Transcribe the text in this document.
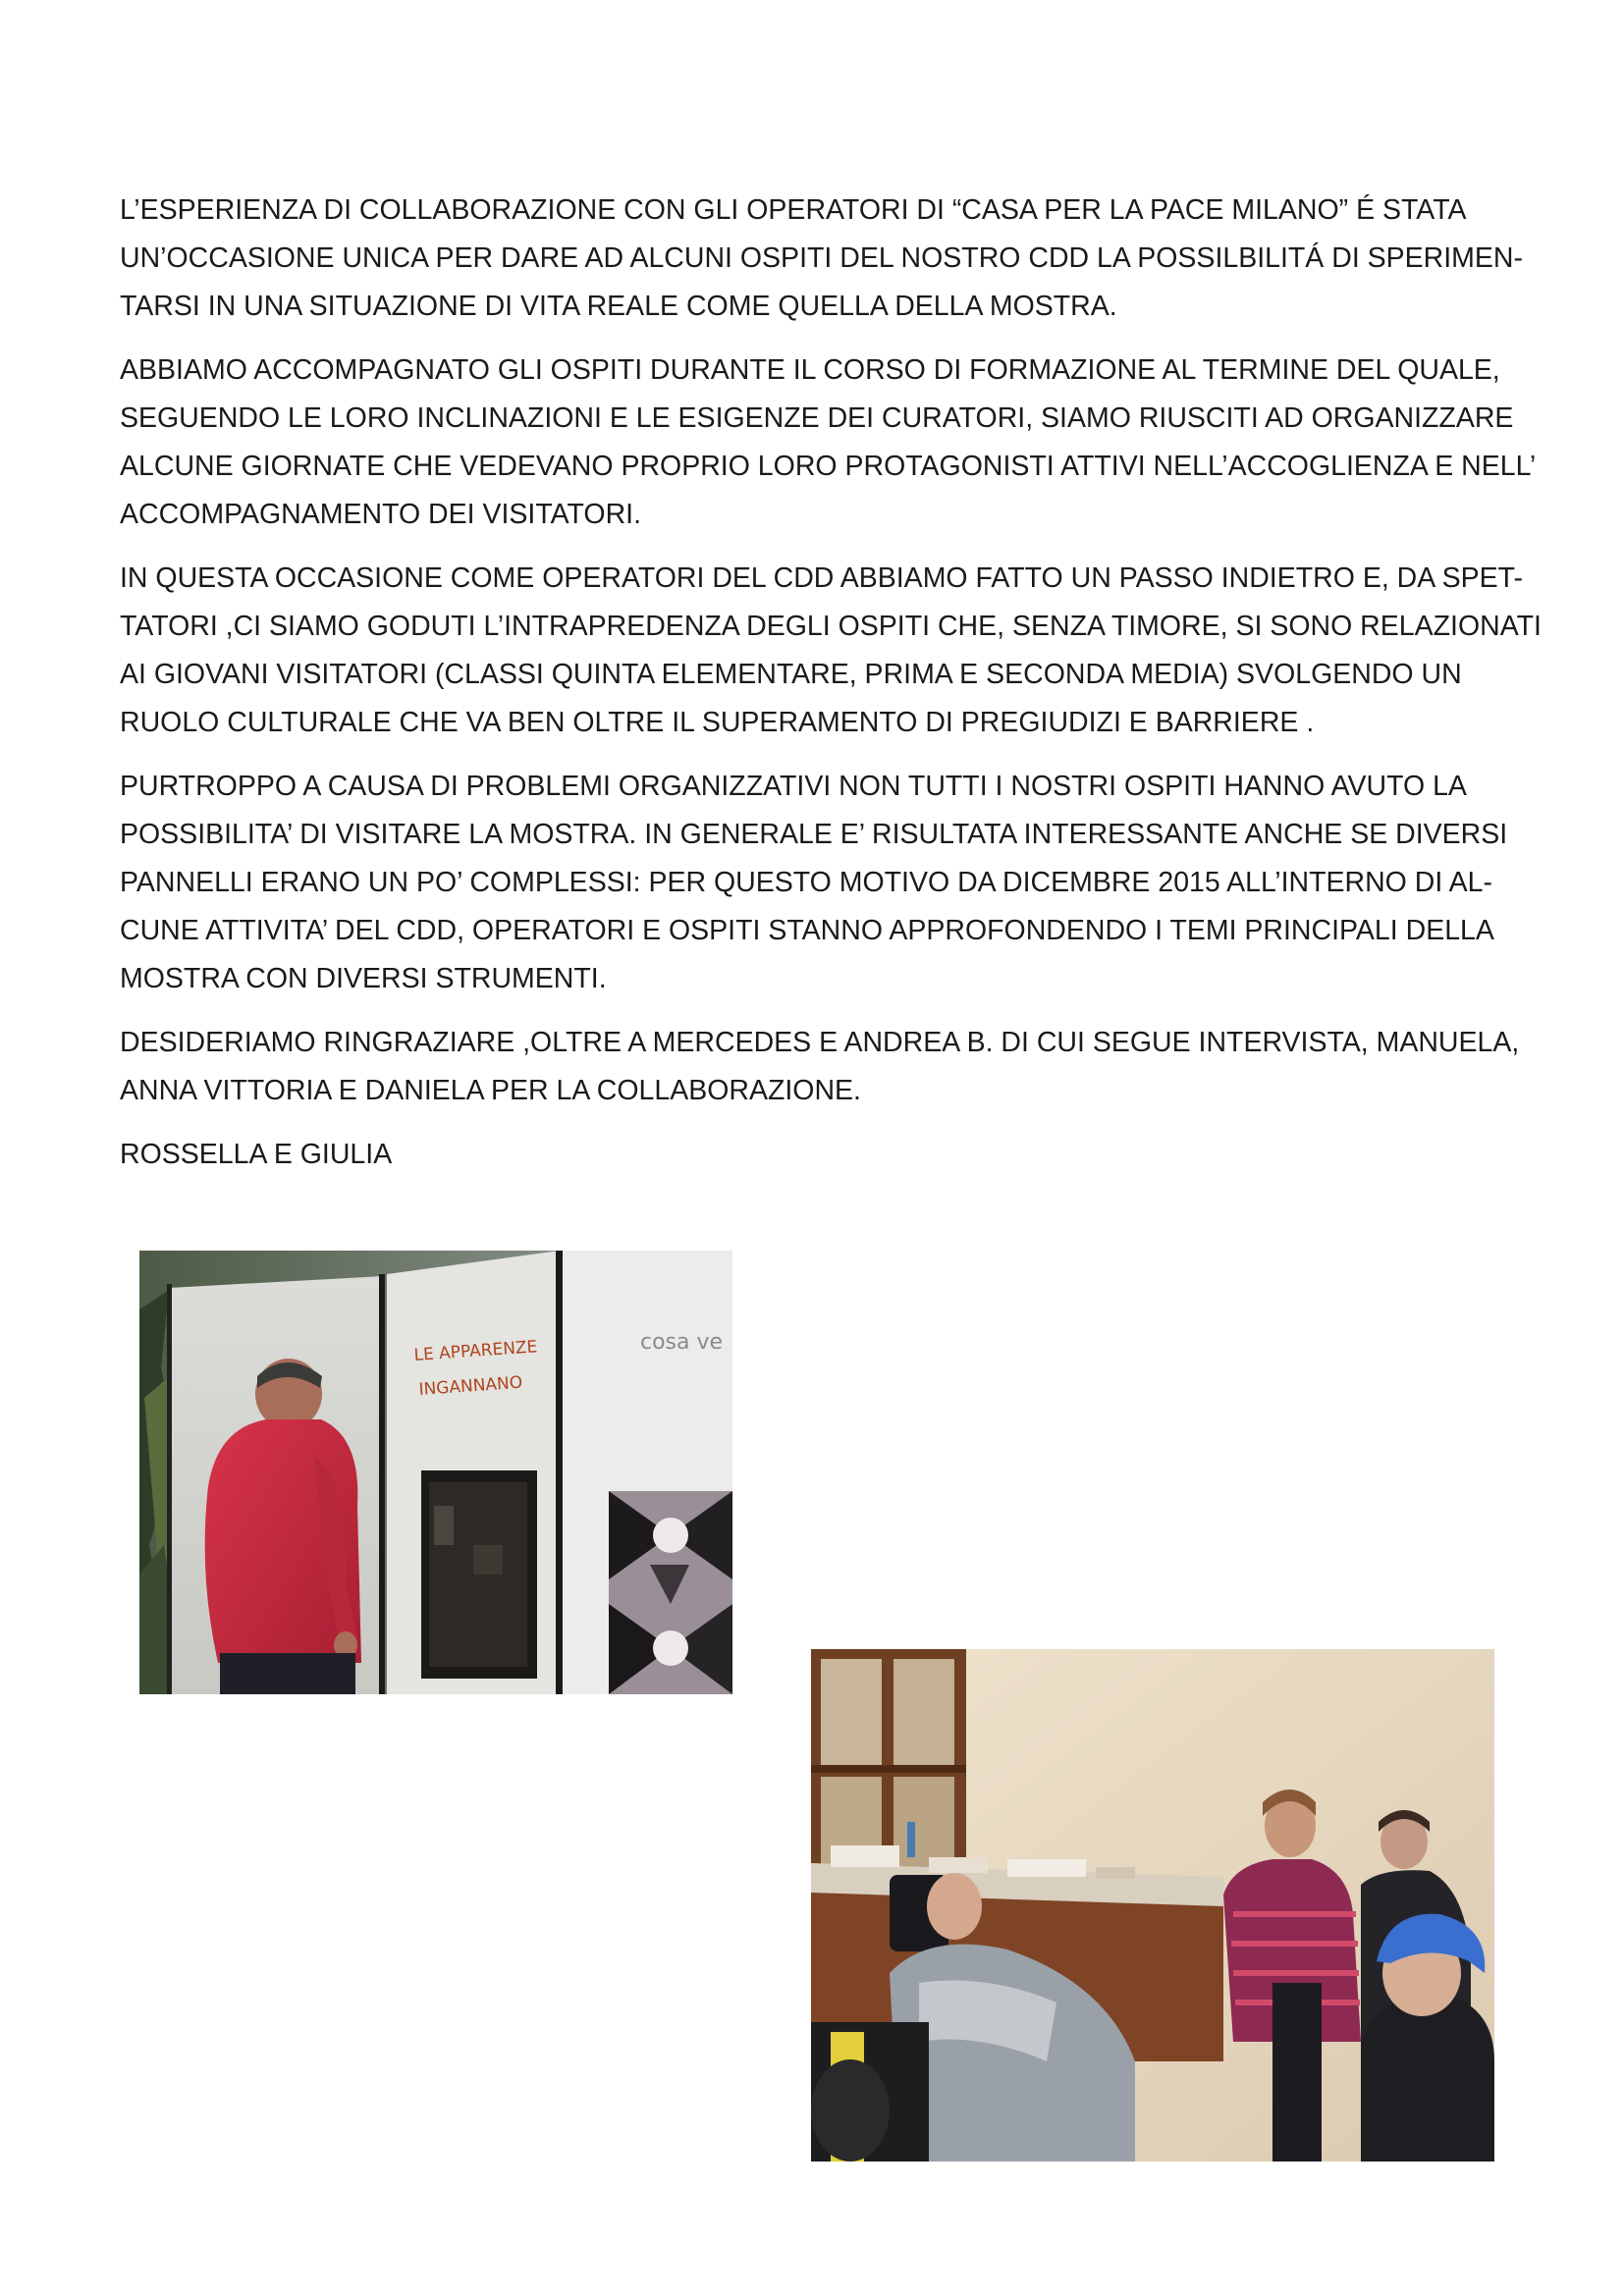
L’ESPERIENZA DI COLLABORAZIONE CON GLI OPERATORI DI “CASA PER LA PACE MILANO” É STATA
UN’OCCASIONE UNICA PER DARE AD ALCUNI OSPITI DEL NOSTRO CDD LA POSSILBILITÁ DI SPERIMEN-
TARSI IN UNA SITUAZIONE DI VITA REALE COME QUELLA DELLA MOSTRA.

ABBIAMO ACCOMPAGNATO GLI OSPITI DURANTE IL CORSO DI FORMAZIONE AL TERMINE DEL QUALE,
SEGUENDO LE LORO INCLINAZIONI E LE ESIGENZE DEI CURATORI, SIAMO RIUSCITI AD ORGANIZZARE
ALCUNE GIORNATE CHE VEDEVANO PROPRIO LORO PROTAGONISTI ATTIVI NELL’ACCOGLIENZA E NELL’
ACCOMPAGNAMENTO DEI VISITATORI.

IN QUESTA OCCASIONE COME OPERATORI DEL CDD ABBIAMO FATTO UN PASSO INDIETRO E, DA SPET-
TATORI ,CI SIAMO GODUTI L’INTRAPREDENZA DEGLI OSPITI CHE, SENZA TIMORE, SI SONO RELAZIONATI
AI GIOVANI VISITATORI (CLASSI QUINTA ELEMENTARE, PRIMA E SECONDA MEDIA) SVOLGENDO UN
RUOLO CULTURALE CHE VA BEN OLTRE IL SUPERAMENTO DI PREGIUDIZI E BARRIERE .

PURTROPPO A CAUSA DI PROBLEMI ORGANIZZATIVI NON TUTTI I NOSTRI OSPITI HANNO AVUTO LA
POSSIBILITA’ DI VISITARE LA MOSTRA. IN GENERALE E’ RISULTATA INTERESSANTE ANCHE SE DIVERSI
PANNELLI ERANO UN PO’ COMPLESSI: PER QUESTO MOTIVO DA DICEMBRE 2015 ALL’INTERNO DI AL-
CUNE ATTIVITA’ DEL CDD, OPERATORI E OSPITI STANNO APPROFONDENDO I TEMI PRINCIPALI DELLA
MOSTRA CON DIVERSI STRUMENTI.

DESIDERIAMO RINGRAZIARE ,OLTRE A MERCEDES E ANDREA B. DI CUI SEGUE INTERVISTA, MANUELA,
ANNA VITTORIA E DANIELA PER LA COLLABORAZIONE.

ROSSELLA E GIULIA

LE APPARENZE
INGANNANO
cosa ve
